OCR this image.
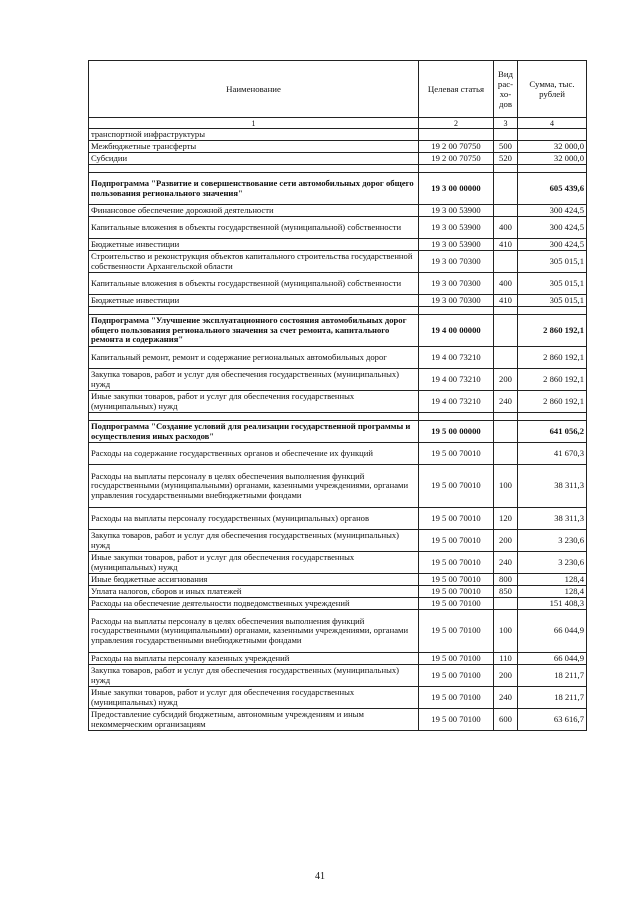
Наименование	Целевая статья	Вид рас-хо-дов	Сумма, тыс. рублей
1	2	3	4
транспортной инфраструктуры			
Межбюджетные трансферты	19 2 00 70750	500	32 000,0
Субсидии	19 2 00 70750	520	32 000,0

Подпрограмма "Развитие и совершенствование сети автомобильных дорог общего пользования регионального значения"	19 3 00 00000		605 439,6
Финансовое обеспечение дорожной деятельности	19 3 00 53900		300 424,5
Капитальные вложения в объекты государственной (муниципальной) собственности	19 3 00 53900	400	300 424,5
Бюджетные инвестиции	19 3 00 53900	410	300 424,5
Строительство и реконструкция объектов капитального строительства государственной собственности Архангельской области	19 3 00 70300		305 015,1
Капитальные вложения в объекты государственной (муниципальной) собственности	19 3 00 70300	400	305 015,1
Бюджетные инвестиции	19 3 00 70300	410	305 015,1

Подпрограмма "Улучшение эксплуатационного состояния автомобильных дорог общего пользования регионального значения за счет ремонта, капитального ремонта и содержания"	19 4 00 00000		2 860 192,1
Капитальный ремонт, ремонт и содержание региональных автомобильных дорог	19 4 00 73210		2 860 192,1
Закупка товаров, работ и услуг для обеспечения государственных (муниципальных) нужд	19 4 00 73210	200	2 860 192,1
Иные закупки товаров, работ и услуг для обеспечения государственных (муниципальных) нужд	19 4 00 73210	240	2 860 192,1

Подпрограмма "Создание условий для реализации государственной программы и осуществления иных расходов"	19 5 00 00000		641 056,2
Расходы на содержание государственных органов и обеспечение их функций	19 5 00 70010		41 670,3
Расходы на выплаты персоналу в целях обеспечения выполнения функций государственными (муниципальными) органами, казенными учреждениями, органами управления государственными внебюджетными фондами	19 5 00 70010	100	38 311,3
Расходы на выплаты персоналу государственных (муниципальных) органов	19 5 00 70010	120	38 311,3
Закупка товаров, работ и услуг для обеспечения государственных (муниципальных) нужд	19 5 00 70010	200	3 230,6
Иные закупки товаров, работ и услуг для обеспечения государственных (муниципальных) нужд	19 5 00 70010	240	3 230,6
Иные бюджетные ассигнования	19 5 00 70010	800	128,4
Уплата налогов, сборов и иных платежей	19 5 00 70010	850	128,4
Расходы на обеспечение деятельности подведомственных учреждений	19 5 00 70100		151 408,3
Расходы на выплаты персоналу в целях обеспечения выполнения функций государственными (муниципальными) органами, казенными учреждениями, органами управления государственными внебюджетными фондами	19 5 00 70100	100	66 044,9
Расходы на выплаты персоналу казенных учреждений	19 5 00 70100	110	66 044,9
Закупка товаров, работ и услуг для обеспечения государственных (муниципальных) нужд	19 5 00 70100	200	18 211,7
Иные закупки товаров, работ и услуг для обеспечения государственных (муниципальных) нужд	19 5 00 70100	240	18 211,7
Предоставление субсидий бюджетным, автономным учреждениям и иным некоммерческим организациям	19 5 00 70100	600	63 616,7
41
